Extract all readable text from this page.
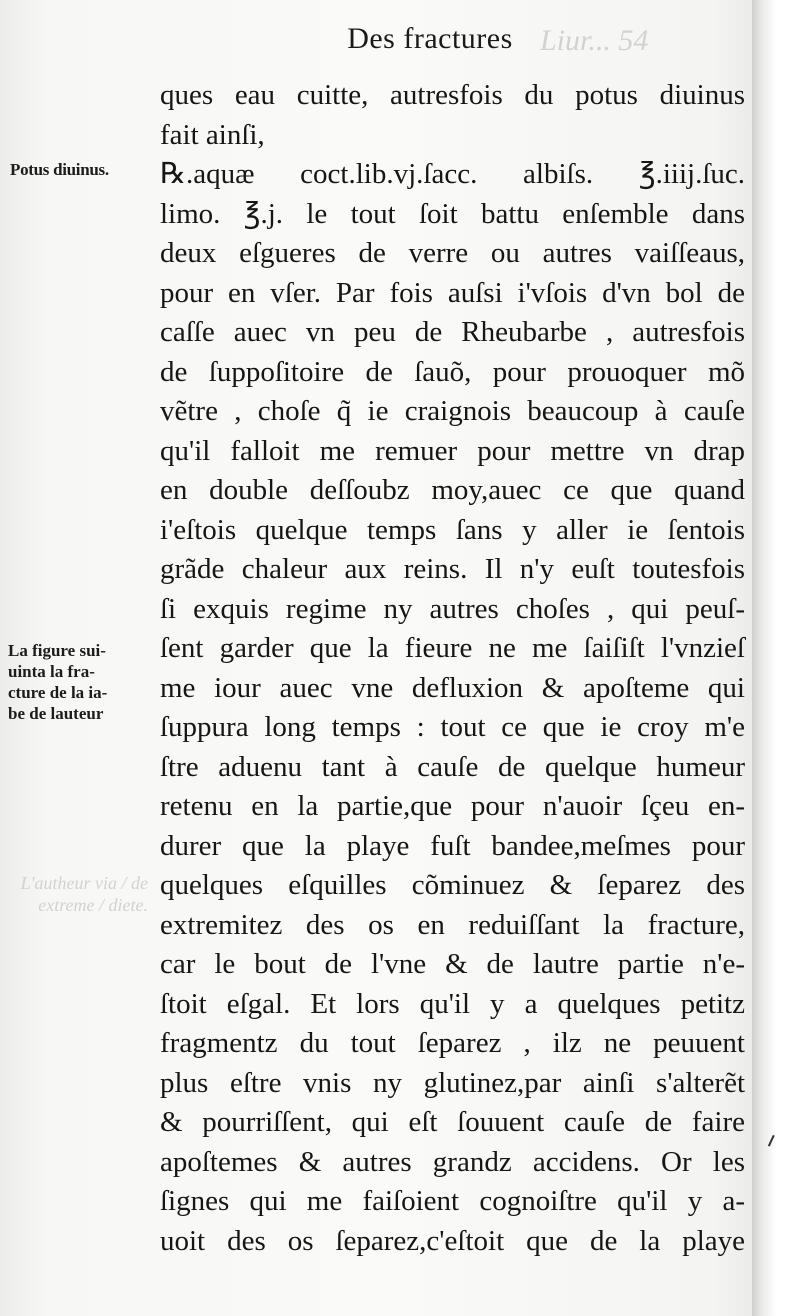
Liur... 54
L'autheur via / de extreme / diete.
Des fractures
Potus diuinus.
La figure sui-
uinta la fra-
cture de la ia-
be de lauteur
ques eau cuitte, autresfois du potus diuinus
fait ainſi,
℞.aquæ coct.lib.vj.ſacc. albiſs. ℥.iiij.ſuc.
limo. ℥.j. le tout ſoit battu enſemble dans
deux eſgueres de verre ou autres vaiſſeaus,
pour en vſer. Par fois auſsi i'vſois d'vn bol de
caſſe auec vn peu de Rheubarbe , autresfois
de ſuppoſitoire de ſauõ, pour prouoquer mõ
vẽtre , choſe q̃ ie craignois beaucoup à cauſe
qu'il falloit me remuer pour mettre vn drap
en double deſſoubz moy,auec ce que quand
i'eſtois quelque temps ſans y aller ie ſentois
grãde chaleur aux reins. Il n'y euſt toutesfois
ſi exquis regime ny autres choſes , qui peuſ-
ſent garder que la fieure ne me ſaiſiſt l'vnzieſ
me iour auec vne defluxion & apoſteme qui
ſuppura long temps : tout ce que ie croy m'e
ſtre aduenu tant à cauſe de quelque humeur
retenu en la partie,que pour n'auoir ſçeu en-
durer que la playe fuſt bandee,meſmes pour
quelques eſquilles cõminuez & ſeparez des
extremitez des os en reduiſſant la fracture,
car le bout de l'vne & de lautre partie n'e-
ſtoit eſgal. Et lors qu'il y a quelques petitz
fragmentz du tout ſeparez , ilz ne peuuent
plus eſtre vnis ny glutinez,par ainſi s'alterẽt
& pourriſſent, qui eſt ſouuent cauſe de faire
apoſtemes & autres grandz accidens. Or les
ſignes qui me faiſoient cognoiſtre qu'il y a-
uoit des os ſeparez,c'eſtoit que de la playe
